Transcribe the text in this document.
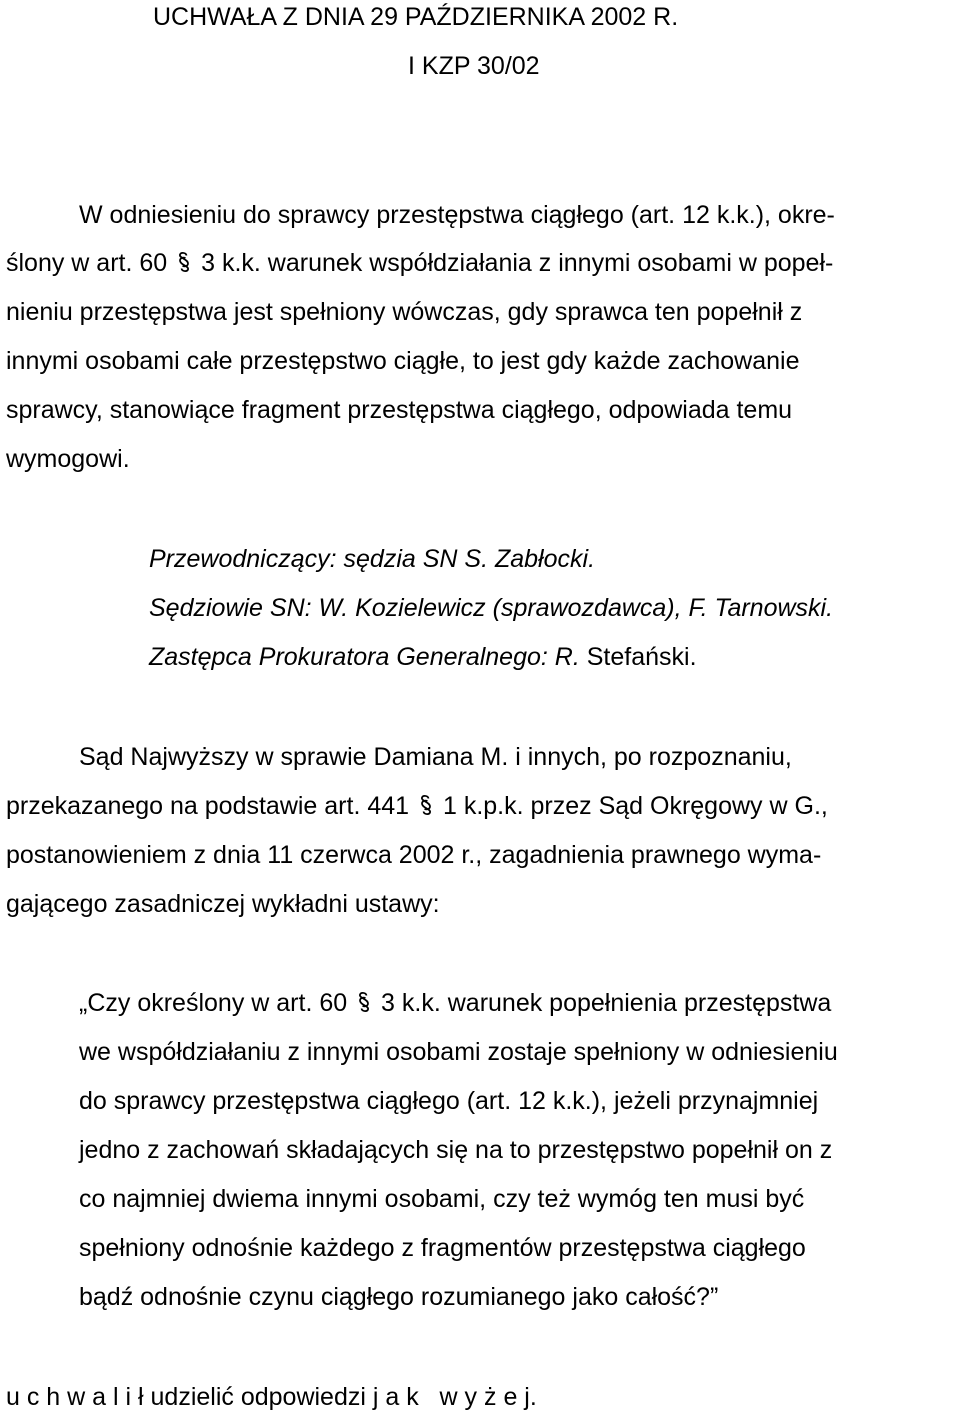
UCHWAŁA Z DNIA 29 PAŹDZIERNIKA 2002 R.
I KZP 30/02
W odniesieniu do sprawcy przestępstwa ciągłego (art. 12 k.k.), okre-
ślony w art. 60 3 k.k. warunek współdziałania z innymi osobami w popeł-
nieniu przestępstwa jest spełniony wówczas, gdy sprawca ten popełnił z
innymi osobami całe przestępstwo ciągłe, to jest gdy każde zachowanie
sprawcy, stanowiące fragment przestępstwa ciągłego, odpowiada temu
wymogowi.
Przewodniczący: sędzia SN S. Zabłocki.
Sędziowie SN: W. Kozielewicz (sprawozdawca), F. Tarnowski.
Zastępca Prokuratora Generalnego: R. Stefański.
Sąd Najwyższy w sprawie Damiana M. i innych, po rozpoznaniu,
przekazanego na podstawie art. 441 1 k.p.k. przez Sąd Okręgowy w G.,
postanowieniem z dnia 11 czerwca 2002 r., zagadnienia prawnego wyma-
gającego zasadniczej wykładni ustawy:
„Czy określony w art. 60 3 k.k. warunek popełnienia przestępstwa
we współdziałaniu z innymi osobami zostaje spełniony w odniesieniu
do sprawcy przestępstwa ciągłego (art. 12 k.k.), jeżeli przynajmniej
jedno z zachowań składających się na to przestępstwo popełnił on z
co najmniej dwiema innymi osobami, czy też wymóg ten musi być
spełniony odnośnie każdego z fragmentów przestępstwa ciągłego
bądź odnośnie czynu ciągłego rozumianego jako całość?”
u c h w a l i ł udzielić odpowiedzi j a k   w y ż e j.
